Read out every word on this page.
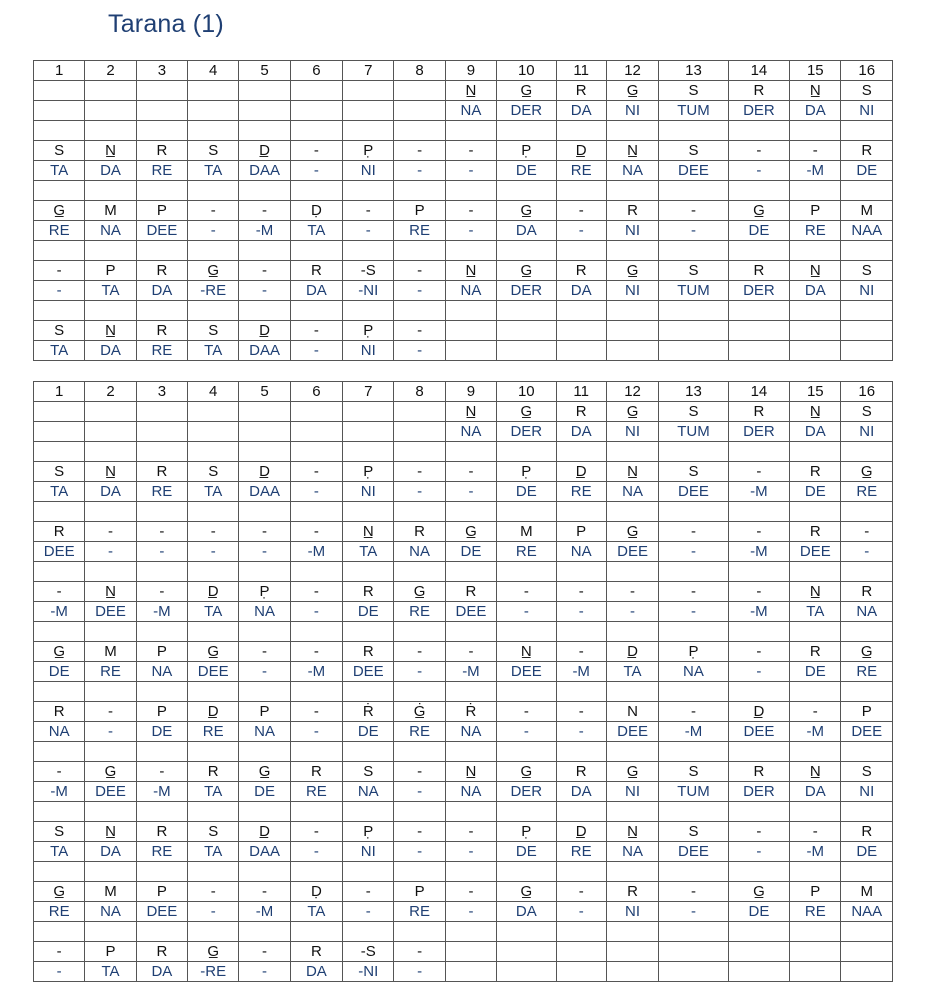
Tarana (1)
1	2	3	4	5	6	7	8	9	10	11	12	13	14	15	16
								N̲	G̲	R	G̲	S	R	N̲	S
								NA	DER	DA	NI	TUM	DER	DA	NI

S	N̲	R	S	D̲	-	P̣	-	-	P̣	D̲	N̲	S	-	-	R
TA	DA	RE	TA	DAA	-	NI	-	-	DE	RE	NA	DEE	-	-M	DE

G̲	M	P	-	-	Ḍ	-	P	-	G̲	-	R	-	G̲	P	M
RE	NA	DEE	-	-M	TA	-	RE	-	DA	-	NI	-	DE	RE	NAA

-	P	R	G̲	-	R	-S	-	N̲	G̲	R	G̲	S	R	N̲	S
-	TA	DA	-RE	-	DA	-NI	-	NA	DER	DA	NI	TUM	DER	DA	NI

S	N̲	R	S	D̲	-	P̣	-								
TA	DA	RE	TA	DAA	-	NI	-								
1	2	3	4	5	6	7	8	9	10	11	12	13	14	15	16
								N̲	G̲	R	G̲	S	R	N̲	S
								NA	DER	DA	NI	TUM	DER	DA	NI

S	N̲	R	S	D̲	-	P̣	-	-	P̣	D̲	N̲	S	-	R	G̲
TA	DA	RE	TA	DAA	-	NI	-	-	DE	RE	NA	DEE	-M	DE	RE

R	-	-	-	-	-	N̲	R	G̲	M	P	G̲	-	-	R	-
DEE	-	-	-	-	-M	TA	NA	DE	RE	NA	DEE	-	-M	DEE	-

-	N̲	-	D̲	P̣	-	R	G̲	R	-	-	-	-	-	N̲	R
-M	DEE	-M	TA	NA	-	DE	RE	DEE	-	-	-	-	-M	TA	NA

G̲	M	P	G̲	-	-	R	-	-	N̲	-	D̲	P̣	-	R	G̲
DE	RE	NA	DEE	-	-M	DEE	-	-M	DEE	-M	TA	NA	-	DE	RE

R	-	P	D̲	P	-	Ṙ	Ġ̲	Ṙ	-	-	N	-	D̲	-	P
NA	-	DE	RE	NA	-	DE	RE	NA	-	-	DEE	-M	DEE	-M	DEE

-	G̲	-	R	G̲	R	S	-	N̲	G̲	R	G̲	S	R	N̲	S
-M	DEE	-M	TA	DE	RE	NA	-	NA	DER	DA	NI	TUM	DER	DA	NI

S	N̲	R	S	D̲	-	P̣	-	-	P̣	D̲	N̲	S	-	-	R
TA	DA	RE	TA	DAA	-	NI	-	-	DE	RE	NA	DEE	-	-M	DE

G̲	M	P	-	-	Ḍ	-	P	-	G̲	-	R	-	G̲	P	M
RE	NA	DEE	-	-M	TA	-	RE	-	DA	-	NI	-	DE	RE	NAA

-	P	R	G̲	-	R	-S	-								
-	TA	DA	-RE	-	DA	-NI	-								
